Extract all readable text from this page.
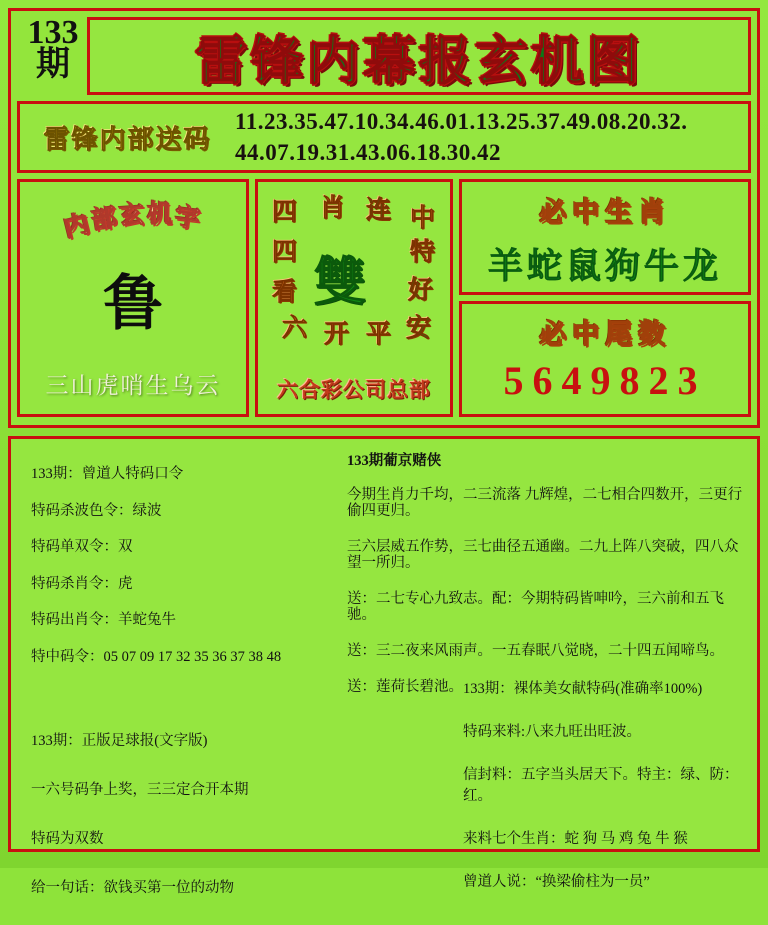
133
期 雷锋内幕报玄机图
雷锋内部送码
11.23.35.47.10.34.46.01.13.25.37.49.08.20.32.
44.07.19.31.43.06.18.30.42
内部玄机字
鲁
三山虎哨生乌云
四 肖 连 中
四	特
看	好
六 开 平 安
雙
六合彩公司总部
必中生肖
羊蛇鼠狗牛龙
必中尾数
5649823
133期：曾道人特码口令
特码杀波色令：绿波
特码单双令：双
特码杀肖令：虎
特码出肖令：羊蛇兔牛
特中码令：05 07 09 17 32 35 36 37 38 48
133期：正版足球报(文字版)
一六号码争上奖，三三定合开本期
特码为双数
给一句话：欲钱买第一位的动物
133期葡京赌侠
今期生肖力千均，二三流落 九辉煌，二七相合四数开，三更行偷四更归。
三六层威五作势，三七曲径五通幽。二九上阵八突破，四八众望一所归。
送：二七专心九致志。配：今期特码皆呻吟，三六前和五飞驰。
送：三二夜来风雨声。一五春眠八觉晓，二十四五闻啼鸟。
送：莲荷长碧池。 133期：裸体美女献特码(准确率100%)
特码来料:八来九旺出旺波。
信封料：五字当头居天下。特主：绿、防：红。
来料七个生肖：蛇 狗 马 鸡 兔 牛 猴
曾道人说：“换梁偷柱为一员”
